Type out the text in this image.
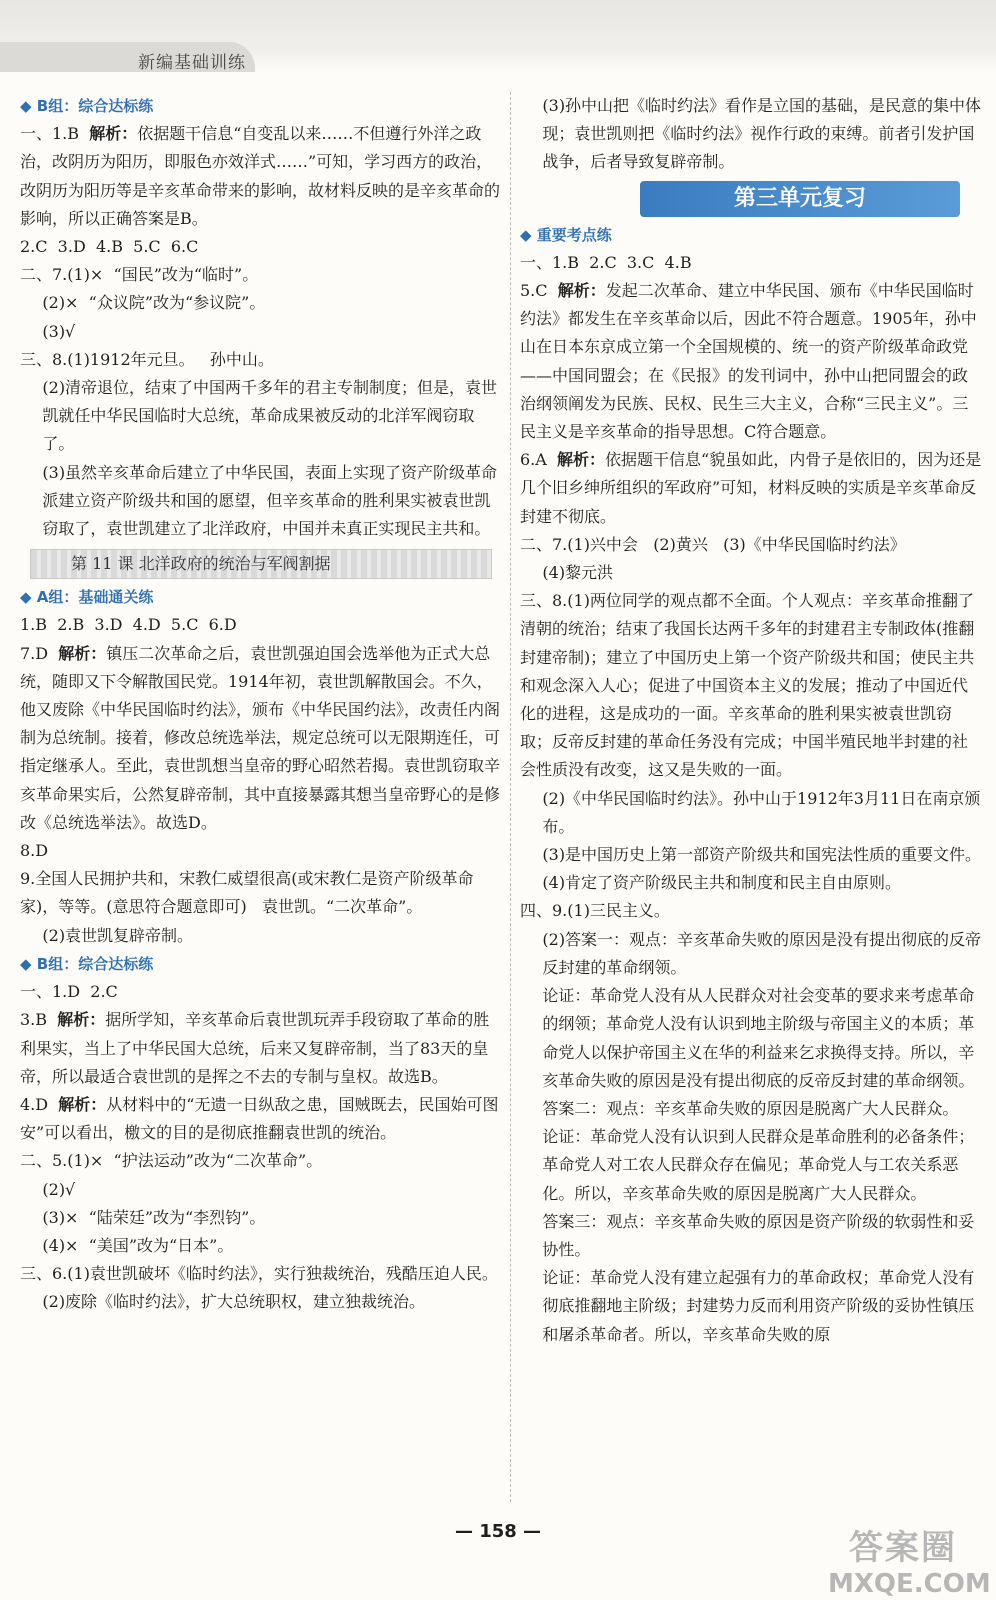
新编基础训练
◆ B组：综合达标练
一、1.B 解析：依据题干信息“自变乱以来……不但遵行外洋之政治，改阴历为阳历，即服色亦效洋式……”可知，学习西方的政治，改阴历为阳历等是辛亥革命带来的影响，故材料反映的是辛亥革命的影响，所以正确答案是B。
2.C  3.D  4.B  5.C  6.C
二、7.(1)×  “国民”改为“临时”。
(2)×  “众议院”改为“参议院”。
(3)√
三、8.(1)1912年元旦。   孙中山。
(2)清帝退位，结束了中国两千多年的君主专制制度；但是，袁世凯就任中华民国临时大总统，革命成果被反动的北洋军阀窃取了。
(3)虽然辛亥革命后建立了中华民国，表面上实现了资产阶级革命派建立资产阶级共和国的愿望，但辛亥革命的胜利果实被袁世凯窃取了，袁世凯建立了北洋政府，中国并未真正实现民主共和。
第 11 课 北洋政府的统治与军阀割据
◆ A组：基础通关练
1.B  2.B  3.D  4.D  5.C  6.D
7.D 解析：镇压二次革命之后，袁世凯强迫国会选举他为正式大总统，随即又下令解散国民党。1914年初，袁世凯解散国会。不久，他又废除《中华民国临时约法》，颁布《中华民国约法》，改责任内阁制为总统制。接着，修改总统选举法，规定总统可以无限期连任，可指定继承人。至此，袁世凯想当皇帝的野心昭然若揭。袁世凯窃取辛亥革命果实后，公然复辟帝制，其中直接暴露其想当皇帝野心的是修改《总统选举法》。故选D。
8.D
9.全国人民拥护共和，宋教仁威望很高(或宋教仁是资产阶级革命家)，等等。(意思符合题意即可)   袁世凯。“二次革命”。
(2)袁世凯复辟帝制。
◆ B组：综合达标练
一、1.D  2.C
3.B 解析：据所学知，辛亥革命后袁世凯玩弄手段窃取了革命的胜利果实，当上了中华民国大总统，后来又复辟帝制，当了83天的皇帝，所以最适合袁世凯的是挥之不去的专制与皇权。故选B。
4.D 解析：从材料中的“无遗一日纵敌之患，国贼既去，民国始可图安”可以看出，檄文的目的是彻底推翻袁世凯的统治。
二、5.(1)×  “护法运动”改为“二次革命”。
(2)√
(3)×  “陆荣廷”改为“李烈钧”。
(4)×  “美国”改为“日本”。
三、6.(1)袁世凯破坏《临时约法》，实行独裁统治，残酷压迫人民。
(2)废除《临时约法》，扩大总统职权，建立独裁统治。
(3)孙中山把《临时约法》看作是立国的基础，是民意的集中体现；袁世凯则把《临时约法》视作行政的束缚。前者引发护国战争，后者导致复辟帝制。
第三单元复习
◆ 重要考点练
一、1.B  2.C  3.C  4.B
5.C 解析：发起二次革命、建立中华民国、颁布《中华民国临时约法》都发生在辛亥革命以后，因此不符合题意。1905年，孙中山在日本东京成立第一个全国规模的、统一的资产阶级革命政党——中国同盟会；在《民报》的发刊词中，孙中山把同盟会的政治纲领阐发为民族、民权、民生三大主义，合称“三民主义”。三民主义是辛亥革命的指导思想。C符合题意。
6.A 解析：依据题干信息“貌虽如此，内骨子是依旧的，因为还是几个旧乡绅所组织的军政府”可知，材料反映的实质是辛亥革命反封建不彻底。
二、7.(1)兴中会   (2)黄兴   (3)《中华民国临时约法》
(4)黎元洪
三、8.(1)两位同学的观点都不全面。个人观点：辛亥革命推翻了清朝的统治；结束了我国长达两千多年的封建君主专制政体(推翻封建帝制)；建立了中国历史上第一个资产阶级共和国；使民主共和观念深入人心；促进了中国资本主义的发展；推动了中国近代化的进程，这是成功的一面。辛亥革命的胜利果实被袁世凯窃取；反帝反封建的革命任务没有完成；中国半殖民地半封建的社会性质没有改变，这又是失败的一面。
(2)《中华民国临时约法》。孙中山于1912年3月11日在南京颁布。
(3)是中国历史上第一部资产阶级共和国宪法性质的重要文件。
(4)肯定了资产阶级民主共和制度和民主自由原则。
四、9.(1)三民主义。
(2)答案一：观点：辛亥革命失败的原因是没有提出彻底的反帝反封建的革命纲领。
论证：革命党人没有从人民群众对社会变革的要求来考虑革命的纲领；革命党人没有认识到地主阶级与帝国主义的本质；革命党人以保护帝国主义在华的利益来乞求换得支持。所以，辛亥革命失败的原因是没有提出彻底的反帝反封建的革命纲领。
答案二：观点：辛亥革命失败的原因是脱离广大人民群众。
论证：革命党人没有认识到人民群众是革命胜利的必备条件；革命党人对工农人民群众存在偏见；革命党人与工农关系恶化。所以，辛亥革命失败的原因是脱离广大人民群众。
答案三：观点：辛亥革命失败的原因是资产阶级的软弱性和妥协性。
论证：革命党人没有建立起强有力的革命政权；革命党人没有彻底推翻地主阶级；封建势力反而利用资产阶级的妥协性镇压和屠杀革命者。所以，辛亥革命失败的原
— 158 —	答案圈
MXQE.COM
